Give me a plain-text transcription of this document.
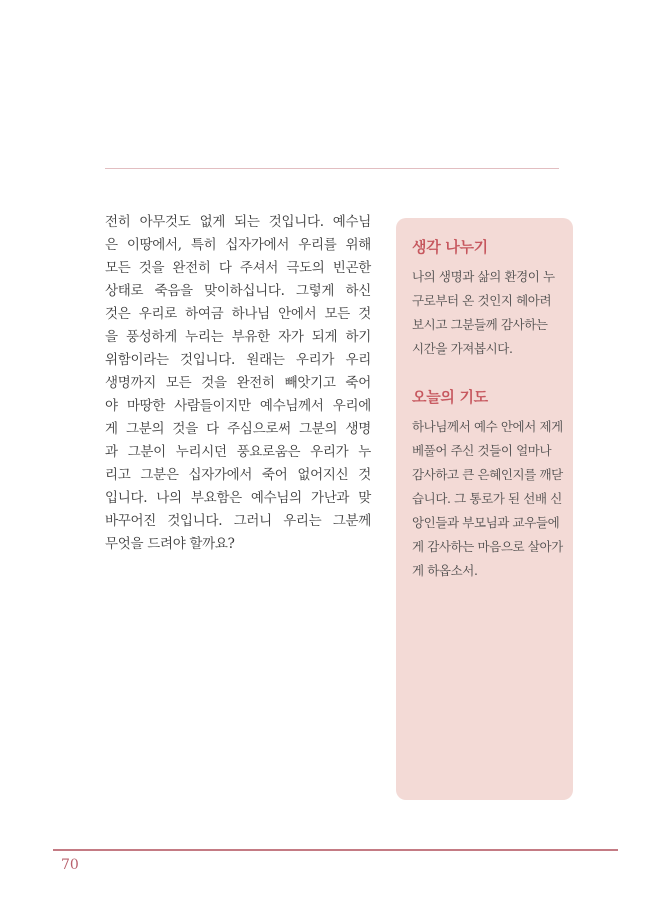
전히 아무것도 없게 되는 것입니다. 예수님
은 이땅에서, 특히 십자가에서 우리를 위해
모든 것을 완전히 다 주셔서 극도의 빈곤한
상태로 죽음을 맞이하십니다. 그렇게 하신
것은 우리로 하여금 하나님 안에서 모든 것
을 풍성하게 누리는 부유한 자가 되게 하기
위함이라는 것입니다. 원래는 우리가 우리
생명까지 모든 것을 완전히 빼앗기고 죽어
야 마땅한 사람들이지만 예수님께서 우리에
게 그분의 것을 다 주심으로써 그분의 생명
과 그분이 누리시던 풍요로움은 우리가 누
리고 그분은 십자가에서 죽어 없어지신 것
입니다. 나의 부요함은 예수님의 가난과 맞
바꾸어진 것입니다. 그러니 우리는 그분께
무엇을 드려야 할까요?
생각 나누기
나의 생명과 삶의 환경이 누
구로부터 온 것인지 헤아려
보시고 그분들께 감사하는
시간을 가져봅시다.
오늘의 기도
하나님께서 예수 안에서 제게
베풀어 주신 것들이 얼마나
감사하고 큰 은혜인지를 깨닫
습니다. 그 통로가 된 선배 신
앙인들과 부모님과 교우들에
게 감사하는 마음으로 살아가
게 하옵소서.
70
